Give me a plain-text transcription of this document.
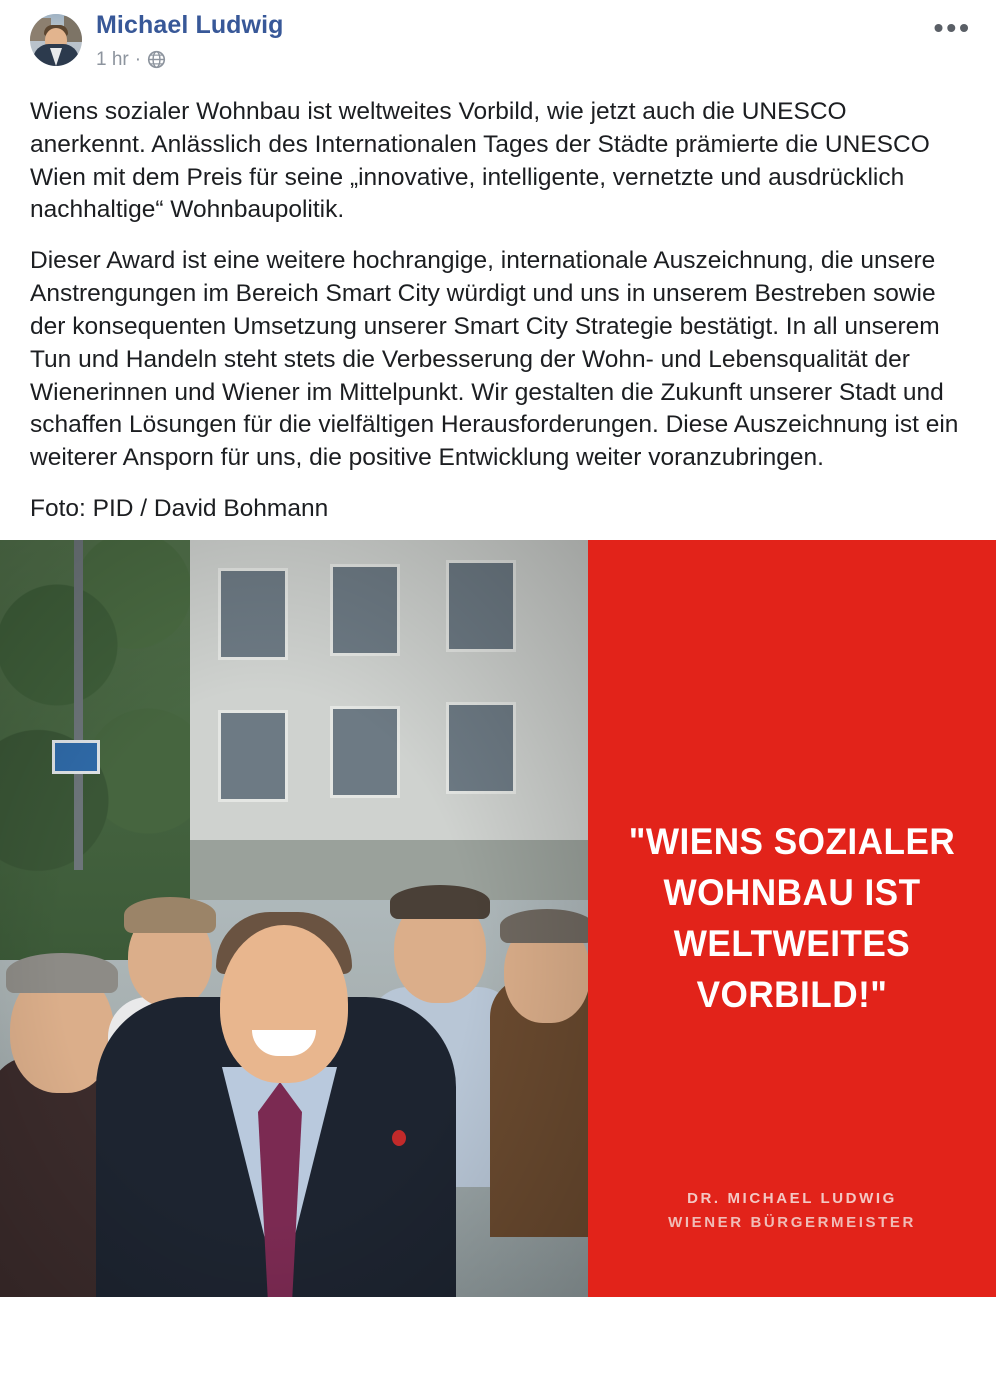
Michael Ludwig
1 hr ·
•••

Wiens sozialer Wohnbau ist weltweites Vorbild, wie jetzt auch die UNESCO anerkennt. Anlässlich des Internationalen Tages der Städte prämierte die UNESCO Wien mit dem Preis für seine „innovative, intelligente, vernetzte und ausdrücklich nachhaltige“ Wohnbaupolitik.

Dieser Award ist eine weitere hochrangige, internationale Auszeichnung, die unsere Anstrengungen im Bereich Smart City würdigt und uns in unserem Bestreben sowie der konsequenten Umsetzung unserer Smart City Strategie bestätigt. In all unserem Tun und Handeln steht stets die Verbesserung der Wohn- und Lebensqualität der Wienerinnen und Wiener im Mittelpunkt. Wir gestalten die Zukunft unserer Stadt und schaffen Lösungen für die vielfältigen Herausforderungen. Diese Auszeichnung ist ein weiterer Ansporn für uns, die positive Entwicklung weiter voranzubringen.

Foto: PID / David Bohmann

"WIENS SOZIALER WOHNBAU IST WELTWEITES VORBILD!"
DR. MICHAEL LUDWIG
WIENER BÜRGERMEISTER
